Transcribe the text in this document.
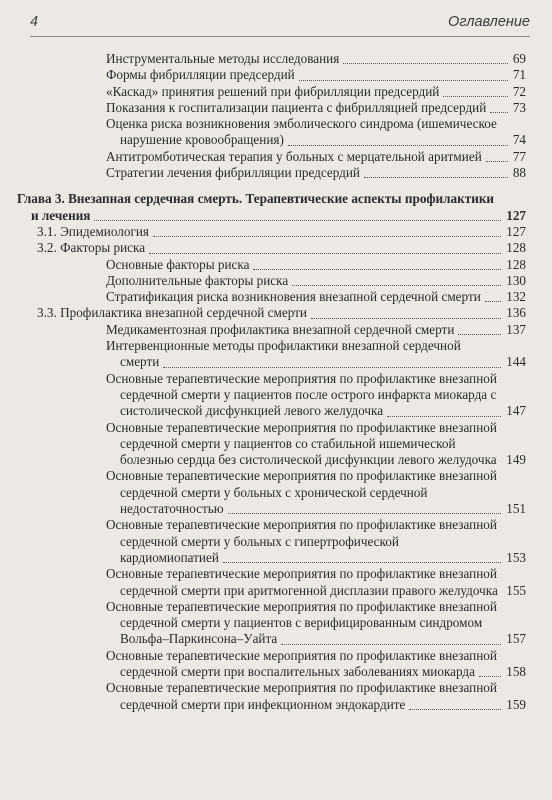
4	Оглавление
Инструментальные методы исследования	69
Формы фибрилляции предсердий	71
«Каскад» принятия решений при фибрилляции предсердий	72
Показания к госпитализации пациента с фибрилляцией предсердий	73
Оценка риска возникновения эмболического синдрома (ишемическое нарушение кровообращения)	74
Антитромботическая терапия у больных с мерцательной аритмией	77
Стратегии лечения фибрилляции предсердий	88
Глава 3. Внезапная сердечная смерть. Терапевтические аспекты профилактики и лечения	127
3.1. Эпидемиология	127
3.2. Факторы риска	128
Основные факторы риска	128
Дополнительные факторы риска	130
Стратификация риска возникновения внезапной сердечной смерти	132
3.3. Профилактика внезапной сердечной смерти	136
Медикаментозная профилактика внезапной сердечной смерти	137
Интервенционные методы профилактики внезапной сердечной смерти	144
Основные терапевтические мероприятия по профилактике внезапной сердечной смерти у пациентов после острого инфаркта миокарда с систолической дисфункцией левого желудочка	147
Основные терапевтические мероприятия по профилактике внезапной сердечной смерти у пациентов со стабильной ишемической болезнью сердца без систолической дисфункции левого желудочка 149
Основные терапевтические мероприятия по профилактике внезапной сердечной смерти у больных с хронической сердечной недостаточностью	151
Основные терапевтические мероприятия по профилактике внезапной сердечной смерти у больных с гипертрофической кардиомиопатией	153
Основные терапевтические мероприятия по профилактике внезапной сердечной смерти при аритмогенной дисплазии правого желудочка 155
Основные терапевтические мероприятия по профилактике внезапной сердечной смерти у пациентов с верифицированным синдромом Вольфа–Паркинсона–Уайта	157
Основные терапевтические мероприятия по профилактике внезапной сердечной смерти при воспалительных заболеваниях миокарда	158
Основные терапевтические мероприятия по профилактике внезапной сердечной смерти при инфекционном эндокардите	159
